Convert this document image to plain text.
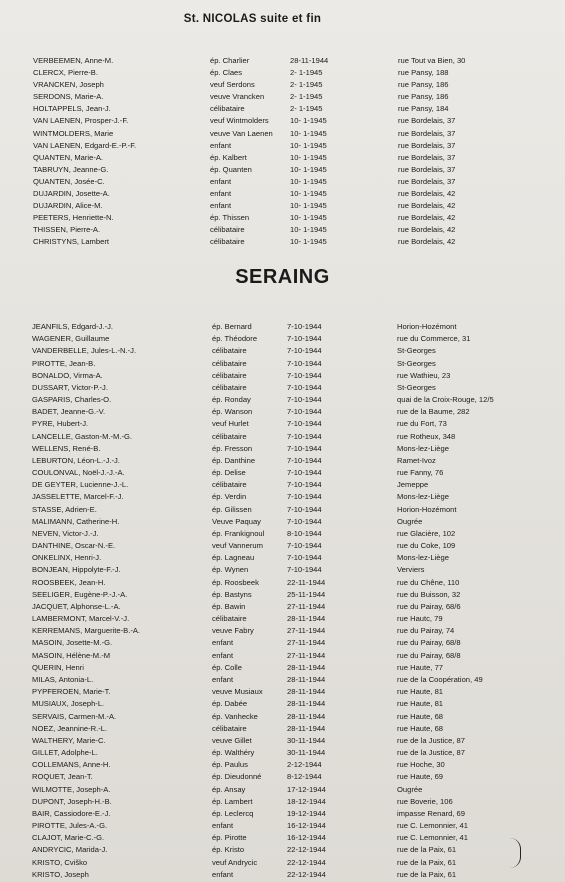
St. NICOLAS suite et fin
VERBEEMEN, Anne-M.	ép. Charlier	28-11-1944	rue Tout va Bien, 30
CLERCX, Pierre-B.	ép. Claes	2- 1-1945	rue Pansy, 188
VRANCKEN, Joseph	veuf Serdons	2- 1-1945	rue Pansy, 186
SERDONS, Marie-A.	veuve Vrancken	2- 1-1945	rue Pansy, 186
HOLTAPPELS, Jean-J.	célibataire	2- 1-1945	rue Pansy, 184
VAN LAENEN, Prosper-J.-F.	veuf Wintmolders	10- 1-1945	rue Bordelais, 37
WINTMOLDERS, Marie	veuve Van Laenen 10- 1-1945	rue Bordelais, 37
VAN LAENEN, Edgard-E.-P.-F.	enfant	10- 1-1945	rue Bordelais, 37
QUANTEN, Marie-A.	ép. Kalbert	10- 1-1945	rue Bordelais, 37
TABRUYN, Jeanne-G.	ép. Quanten	10- 1-1945	rue Bordelais, 37
QUANTEN, Josée-C.	enfant	10- 1-1945	rue Bordelais, 37
DUJARDIN, Josette-A.	enfant	10- 1-1945	rue Bordelais, 42
DUJARDIN, Alice-M.	enfant	10- 1-1945	rue Bordelais, 42
PEETERS, Henriette-N.	ép. Thissen	10- 1-1945	rue Bordelais, 42
THISSEN, Pierre-A.	célibataire	10- 1-1945	rue Bordelais, 42
CHRISTYNS, Lambert	célibataire	10- 1-1945	rue Bordelais, 42
SERAING
JEANFILS, Edgard-J.-J.	ép. Bernard	7-10-1944	Horion-Hozémont
WAGENER, Guillaume	ép. Théodore	7-10-1944	rue du Commerce, 31
VANDERBELLE, Jules-L.-N.-J.	célibataire	7-10-1944	St-Georges
PIROTTE, Jean-B.	célibataire	7-10-1944	St-Georges
BONALDO, Virma-A.	célibataire	7-10-1944	rue Wathieu, 23
DUSSART, Victor-P.-J.	célibataire	7-10-1944	St-Georges
GASPARIS, Charles-O.	ép. Ronday	7-10-1944	quai de la Croix-Rouge, 12/5
BADET, Jeanne-G.-V.	ép. Wanson	7-10-1944	rue de la Baume, 282
PYRE, Hubert-J.	veuf Hurlet	7-10-1944	rue du Fort, 73
LANCELLE, Gaston-M.-M.-G.	célibataire	7-10-1944	rue Rotheux, 348
WELLENS, René-B.	ép. Fresson	7-10-1944	Mons-lez-Liège
LEBURTON, Léon-L.-J.-J.	ép. Danthine	7-10-1944	Ramet-Ivoz
COULONVAL, Noël-J.-J.-A.	ép. Delise	7-10-1944	rue Fanny, 76
DE GEYTER, Lucienne-J.-L.	célibataire	7-10-1944	Jemeppe
JASSELETTE, Marcel-F.-J.	ép. Verdin	7-10-1944	Mons-lez-Liège
STASSE, Adrien-E.	ép. Gilissen	7-10-1944	Horion-Hozémont
MALIMANN, Catherine-H.	Veuve Paquay	7-10-1944	Ougrée
NEVEN, Victor-J.-J.	ép. Frankignoul	8-10-1944	rue Glacière, 102
DANTHINE, Oscar-N.-E.	veuf Vannerum	7-10-1944	rue du Coke, 109
ONKELINX, Henri-J.	ép. Lagneau	7-10-1944	Mons-lez-Liège
BONJEAN, Hippolyte-F.-J.	ép. Wynen	7-10-1944	Verviers
ROOSBEEK, Jean-H.	ép. Roosbeek	22-11-1944	rue du Chêne, 110
SEELIGER, Eugène-P.-J.-A.	ép. Bastyns	25-11-1944	rue du Buisson, 32
JACQUET, Alphonse-L.-A.	ép. Bawin	27-11-1944	rue du Pairay, 68/6
LAMBERMONT, Marcel-V.-J.	célibataire	28-11-1944	rue Hautc, 79
KERREMANS, Marguerite-B.-A.	veuve Fabry	27-11-1944	rue du Pairay, 74
MASOIN, Josette-M.-G.	enfant	27-11-1944	rue du Pairay, 68/8
MASOIN, Hélène-M.-M	enfant	27-11-1944	rue du Pairay, 68/8
QUERIN, Henri	ép. Colle	28-11-1944	rue Haute, 77
MILAS, Antonia-L.	enfant	28-11-1944	rue de la Coopération, 49
PYPFEROEN, Marie-T.	veuve Musiaux	28-11-1944	rue Haute, 81
MUSIAUX, Joseph-L.	ép. Dabée	28-11-1944	rue Haute, 81
SERVAIS, Carmen-M.-A.	ép. Vanhecke	28-11-1944	rue Haute, 68
NOEZ, Jeannine-R.-L.	célibataire	28-11-1944	rue Haute, 68
WALTHERY, Marie-C.	veuve Gillet	30-11-1944	rue de la Justice, 87
GILLET, Adolphe-L.	ép. Walthéry	30-11-1944	rue de la Justice, 87
COLLEMANS, Anne-H.	ép. Paulus	2-12-1944	rue Hoche, 30
ROQUET, Jean-T.	ép. Dieudonné	8-12-1944	rue Haute, 69
WILMOTTE, Joseph-A.	ép. Ansay	17-12-1944	Ougrée
DUPONT, Joseph-H.-B.	ép. Lambert	18-12-1944	rue Boverie, 106
BAIR, Cassiodore-E.-J.	ép. Leclercq	19-12-1944	impasse Renard, 69
PIROTTE, Jules-A.-G.	enfant	16-12-1944	rue C. Lemonnier, 41
CLAJOT, Marie-C.-G.	ép. Pirotte	16-12-1944	rue C. Lemonnier, 41
ANDRYCIC, Marida-J.	ép. Kristo	22-12-1944	rue de la Paix, 61
KRISTO, Cviško	veuf Andrycic	22-12-1944	rue de la Paix, 61
KRISTO, Joseph	enfant	22-12-1944	rue de la Paix, 61
